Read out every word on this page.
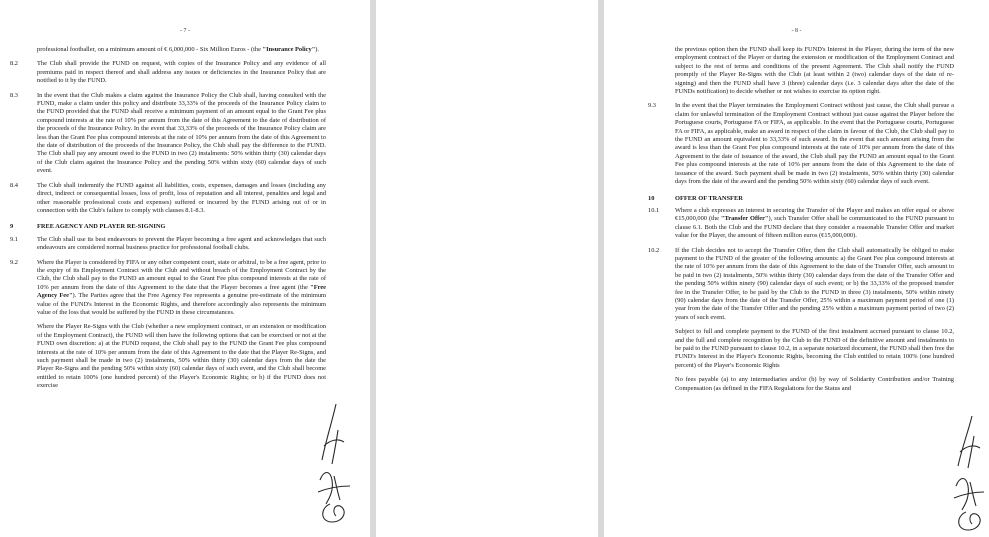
- 7 -
professional footballer, on a minimum amount of € 6,000,000 - Six Million Euros - (the "Insurance Policy").
8.2	The Club shall provide the FUND on request, with copies of the Insurance Policy and any evidence of all premiums paid in respect thereof and shall address any issues or deficiencies in the Insurance Policy that are notified to it by the FUND.
8.3	In the event that the Club makes a claim against the Insurance Policy the Club shall, having consulted with the FUND, make a claim under this policy and distribute 33,33% of the proceeds of the Insurance Policy claim to the FUND provided that the FUND shall receive a minimum payment of an amount equal to the Grant Fee plus compound interests at the rate of 10% per annum from the date of this Agreement to the date of distribution of the proceeds of the Insurance Policy. In the event that 33,33% of the proceeds of the Insurance Policy claim are less than the Grant Fee plus compound interests at the rate of 10% per annum from the date of this Agreement to the date of distribution of the proceeds of the Insurance Policy, the Club shall pay the difference to the FUND. The Club shall pay any amount owed to the FUND in two (2) instalments: 50% within thirty (30) calendar days of the Club claim against the Insurance Policy and the pending 50% within sixty (60) calendar days of such event.
8.4	The Club shall indemnify the FUND against all liabilities, costs, expenses, damages and losses (including any direct, indirect or consequential losses, loss of profit, loss of reputation and all interest, penalties and legal and other reasonable professional costs and expenses) suffered or incurred by the FUND arising out of or in connection with the Club's failure to comply with clauses 8.1-8.3.
9	FREE AGENCY AND PLAYER RE-SIGNING
9.1	The Club shall use its best endeavours to prevent the Player becoming a free agent and acknowledges that such endeavours are considered normal business practice for professional football clubs.
9.2	Where the Player is considered by FIFA or any other competent court, state or arbitral, to be a free agent, prior to the expiry of its Employment Contract with the Club and without breach of the Employment Contract by the Club, the Club shall pay to the FUND an amount equal to the Grant Fee plus compound interests at the rate of 10% per annum from the date of this Agreement to the date that the Player becomes a free agent (the "Free Agency Fee"). The Parties agree that the Free Agency Fee represents a genuine pre-estimate of the minimum value of the FUND's Interest in the Economic Rights, and therefore accordingly also represents the minimum value of the loss that would be suffered by the FUND in these circumstances.
Where the Player Re-Signs with the Club (whether a new employment contract, or an extension or modification of the Employment Contract), the FUND will then have the following options that can be exercised or not at the FUND own discretion: a) at the FUND request, the Club shall pay to the FUND the Grant Fee plus compound interests at the rate of 10% per annum from the date of this Agreement to the date that the Player Re-Signs, and such payment shall be made in two (2) instalments, 50% within thirty (30) calendar days from the date the Player Re-Signs and the pending 50% within sixty (60) calendar days of such event, and the Club shall become entitled to retain 100% (one hundred percent) of the Player's Economic Rights; or b) if the FUND does not exercise
- 8 -
the previous option then the FUND shall keep its FUND's Interest in the Player, during the term of the new employment contract of the Player or during the extension or modification of the Employment Contract and subject to the rest of terms and conditions of the present Agreement. The Club shall notify the FUND promptly of the Player Re-Signs with the Club (at least within 2 (two) calendar days of the date of re-signing) and then the FUND shall have 3 (three) calendar days (i.e. 3 calendar days after the date of the FUNDs notification) to decide whether or not wishes to exercise its option right.
9.3	In the event that the Player terminates the Employment Contract without just cause, the Club shall pursue a claim for unlawful termination of the Employment Contract without just cause against the Player before the Portuguese courts, Portuguese FA or FIFA, as applicable. In the event that the Portuguese courts, Portuguese FA or FIFA, as applicable, make an award in respect of the claim in favour of the Club, the Club shall pay to the FUND an amount equivalent to 33,33% of such award. In the event that such amount arising from the award is less than the Grant Fee plus compound interests at the rate of 10% per annum from the date of this Agreement to the date of issuance of the award, the Club shall pay the FUND an amount equal to the Grant Fee plus compound interests at the rate of 10% per annum from the date of this Agreement to the date of issuance of the award. Such payment shall be made in two (2) instalments, 50% within thirty (30) calendar days from the date of the award and the pending 50% within sixty (60) calendar days of such event.
10	OFFER OF TRANSFER
10.1	Where a club expresses an interest in securing the Transfer of the Player and makes an offer equal or above €15,000,000 (the "Transfer Offer"), such Transfer Offer shall be communicated to the FUND pursuant to clause 6.1. Both the Club and the FUND declare that they consider a reasonable Transfer Offer and market value for the Player, the amount of fifteen million euros (€15,000,000).
10.2	If the Club decides not to accept the Transfer Offer, then the Club shall automatically be obliged to make payment to the FUND of the greater of the following amounts: a) the Grant Fee plus compound interests at the rate of 10% per annum from the date of this Agreement to the date of the Transfer Offer, such amount to be paid in two (2) instalments, 50% within thirty (30) calendar days from the date of the Transfer Offer and the pending 50% within ninety (90) calendar days of such event; or b) the 33,33% of the proposed transfer fee in the Transfer Offer, to be paid by the Club to the FUND in three (3) instalments, 50% within ninety (90) calendar days from the date of the Transfer Offer, 25% within a maximum payment period of one (1) year from the date of the Transfer Offer and the pending 25% within a maximum payment period of two (2) years of such event.
Subject to full and complete payment to the FUND of the first instalment accrued pursuant to clause 10.2, and the full and complete recognition by the Club to the FUND of the definitive amount and instalments to be paid to the FUND pursuant to clause 10.2, in a separate notarized document, the FUND shall then free the FUND's Interest in the Player's Economic Rights, becoming the Club entitled to retain 100% (one hundred percent) of the Player's Economic Rights
No fees payable (a) to any intermediaries and/or (b) by way of Solidarity Contribution and/or Training Compensation (as defined in the FIFA Regulations for the Status and
